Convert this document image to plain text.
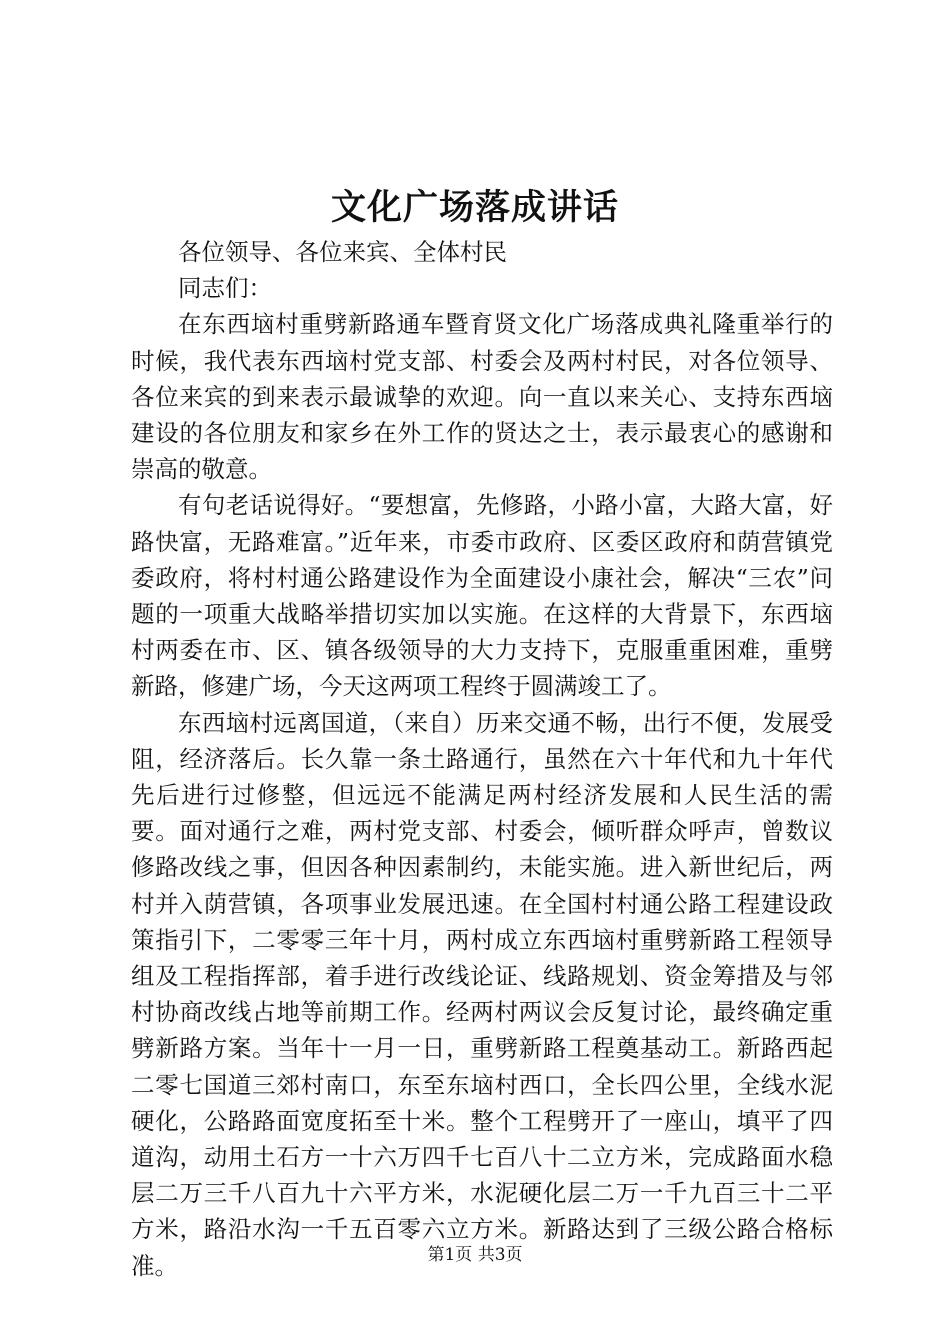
文化广场落成讲话

各位领导、各位来宾、全体村民

同志们：

在东西垴村重劈新路通车暨育贤文化广场落成典礼隆重举行的时候，我代表东西垴村党支部、村委会及两村村民，对各位领导、各位来宾的到来表示最诚挚的欢迎。向一直以来关心、支持东西垴建设的各位朋友和家乡在外工作的贤达之士，表示最衷心的感谢和崇高的敬意。

有句老话说得好。“要想富，先修路，小路小富，大路大富，好路快富，无路难富。”近年来，市委市政府、区委区政府和荫营镇党委政府，将村村通公路建设作为全面建设小康社会，解决“三农”问题的一项重大战略举措切实加以实施。在这样的大背景下，东西垴村两委在市、区、镇各级领导的大力支持下，克服重重困难，重劈新路，修建广场，今天这两项工程终于圆满竣工了。

东西垴村远离国道，（来自）历来交通不畅，出行不便，发展受阻，经济落后。长久靠一条土路通行，虽然在六十年代和九十年代先后进行过修整，但远远不能满足两村经济发展和人民生活的需要。面对通行之难，两村党支部、村委会，倾听群众呼声，曾数议修路改线之事，但因各种因素制约，未能实施。进入新世纪后，两村并入荫营镇，各项事业发展迅速。在全国村村通公路工程建设政策指引下，二零零三年十月，两村成立东西垴村重劈新路工程领导组及工程指挥部，着手进行改线论证、线路规划、资金筹措及与邻村协商改线占地等前期工作。经两村两议会反复讨论，最终确定重劈新路方案。当年十一月一日，重劈新路工程奠基动工。新路西起二零七国道三郊村南口，东至东垴村西口，全长四公里，全线水泥硬化，公路路面宽度拓至十米。整个工程劈开了一座山，填平了四道沟，动用土石方一十六万四千七百八十二立方米，完成路面水稳层二万三千八百九十六平方米，水泥硬化层二万一千九百三十二平方米，路沿水沟一千五百零六立方米。新路达到了三级公路合格标准。	第1页 共3页
